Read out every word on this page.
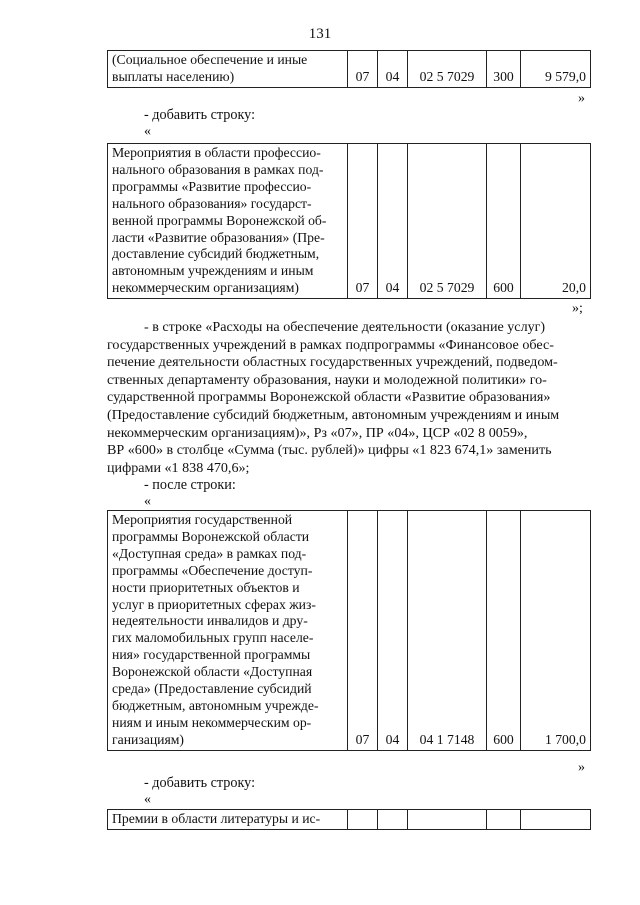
131
(Социальное обеспечение и иные
выплаты населению)	07	04	02 5 7029	300	9 579,0
»
- добавить строку:
«
Мероприятия в области профессио-
нального образования в рамках под-
программы «Развитие профессио-
нального образования» государст-
венной программы Воронежской об-
ласти «Развитие образования» (Пре-
доставление субсидий бюджетным,
автономным учреждениям и иным
некоммерческим организациям)	07	04	02 5 7029	600	20,0
»;
- в строке «Расходы на обеспечение деятельности (оказание услуг)
государственных учреждений в рамках подпрограммы «Финансовое обес-
печение деятельности областных государственных учреждений, подведом-
ственных департаменту образования, науки и молодежной политики» го-
сударственной программы Воронежской области «Развитие образования»
(Предоставление субсидий бюджетным, автономным учреждениям и иным
некоммерческим организациям)», Рз «07», ПР «04», ЦСР «02 8 0059»,
ВР «600» в столбце «Сумма (тыс. рублей)» цифры «1 823 674,1» заменить
цифрами «1 838 470,6»;
- после строки:
«
Мероприятия государственной
программы Воронежской области
«Доступная среда» в рамках под-
программы «Обеспечение доступ-
ности приоритетных объектов и
услуг в приоритетных сферах жиз-
недеятельности инвалидов и дру-
гих маломобильных групп населе-
ния» государственной программы
Воронежской области «Доступная
среда» (Предоставление субсидий
бюджетным, автономным учрежде-
ниям и иным некоммерческим ор-
ганизациям)	07	04	04 1 7148	600	1 700,0
»
- добавить строку:
«
Премии в области литературы и ис-
